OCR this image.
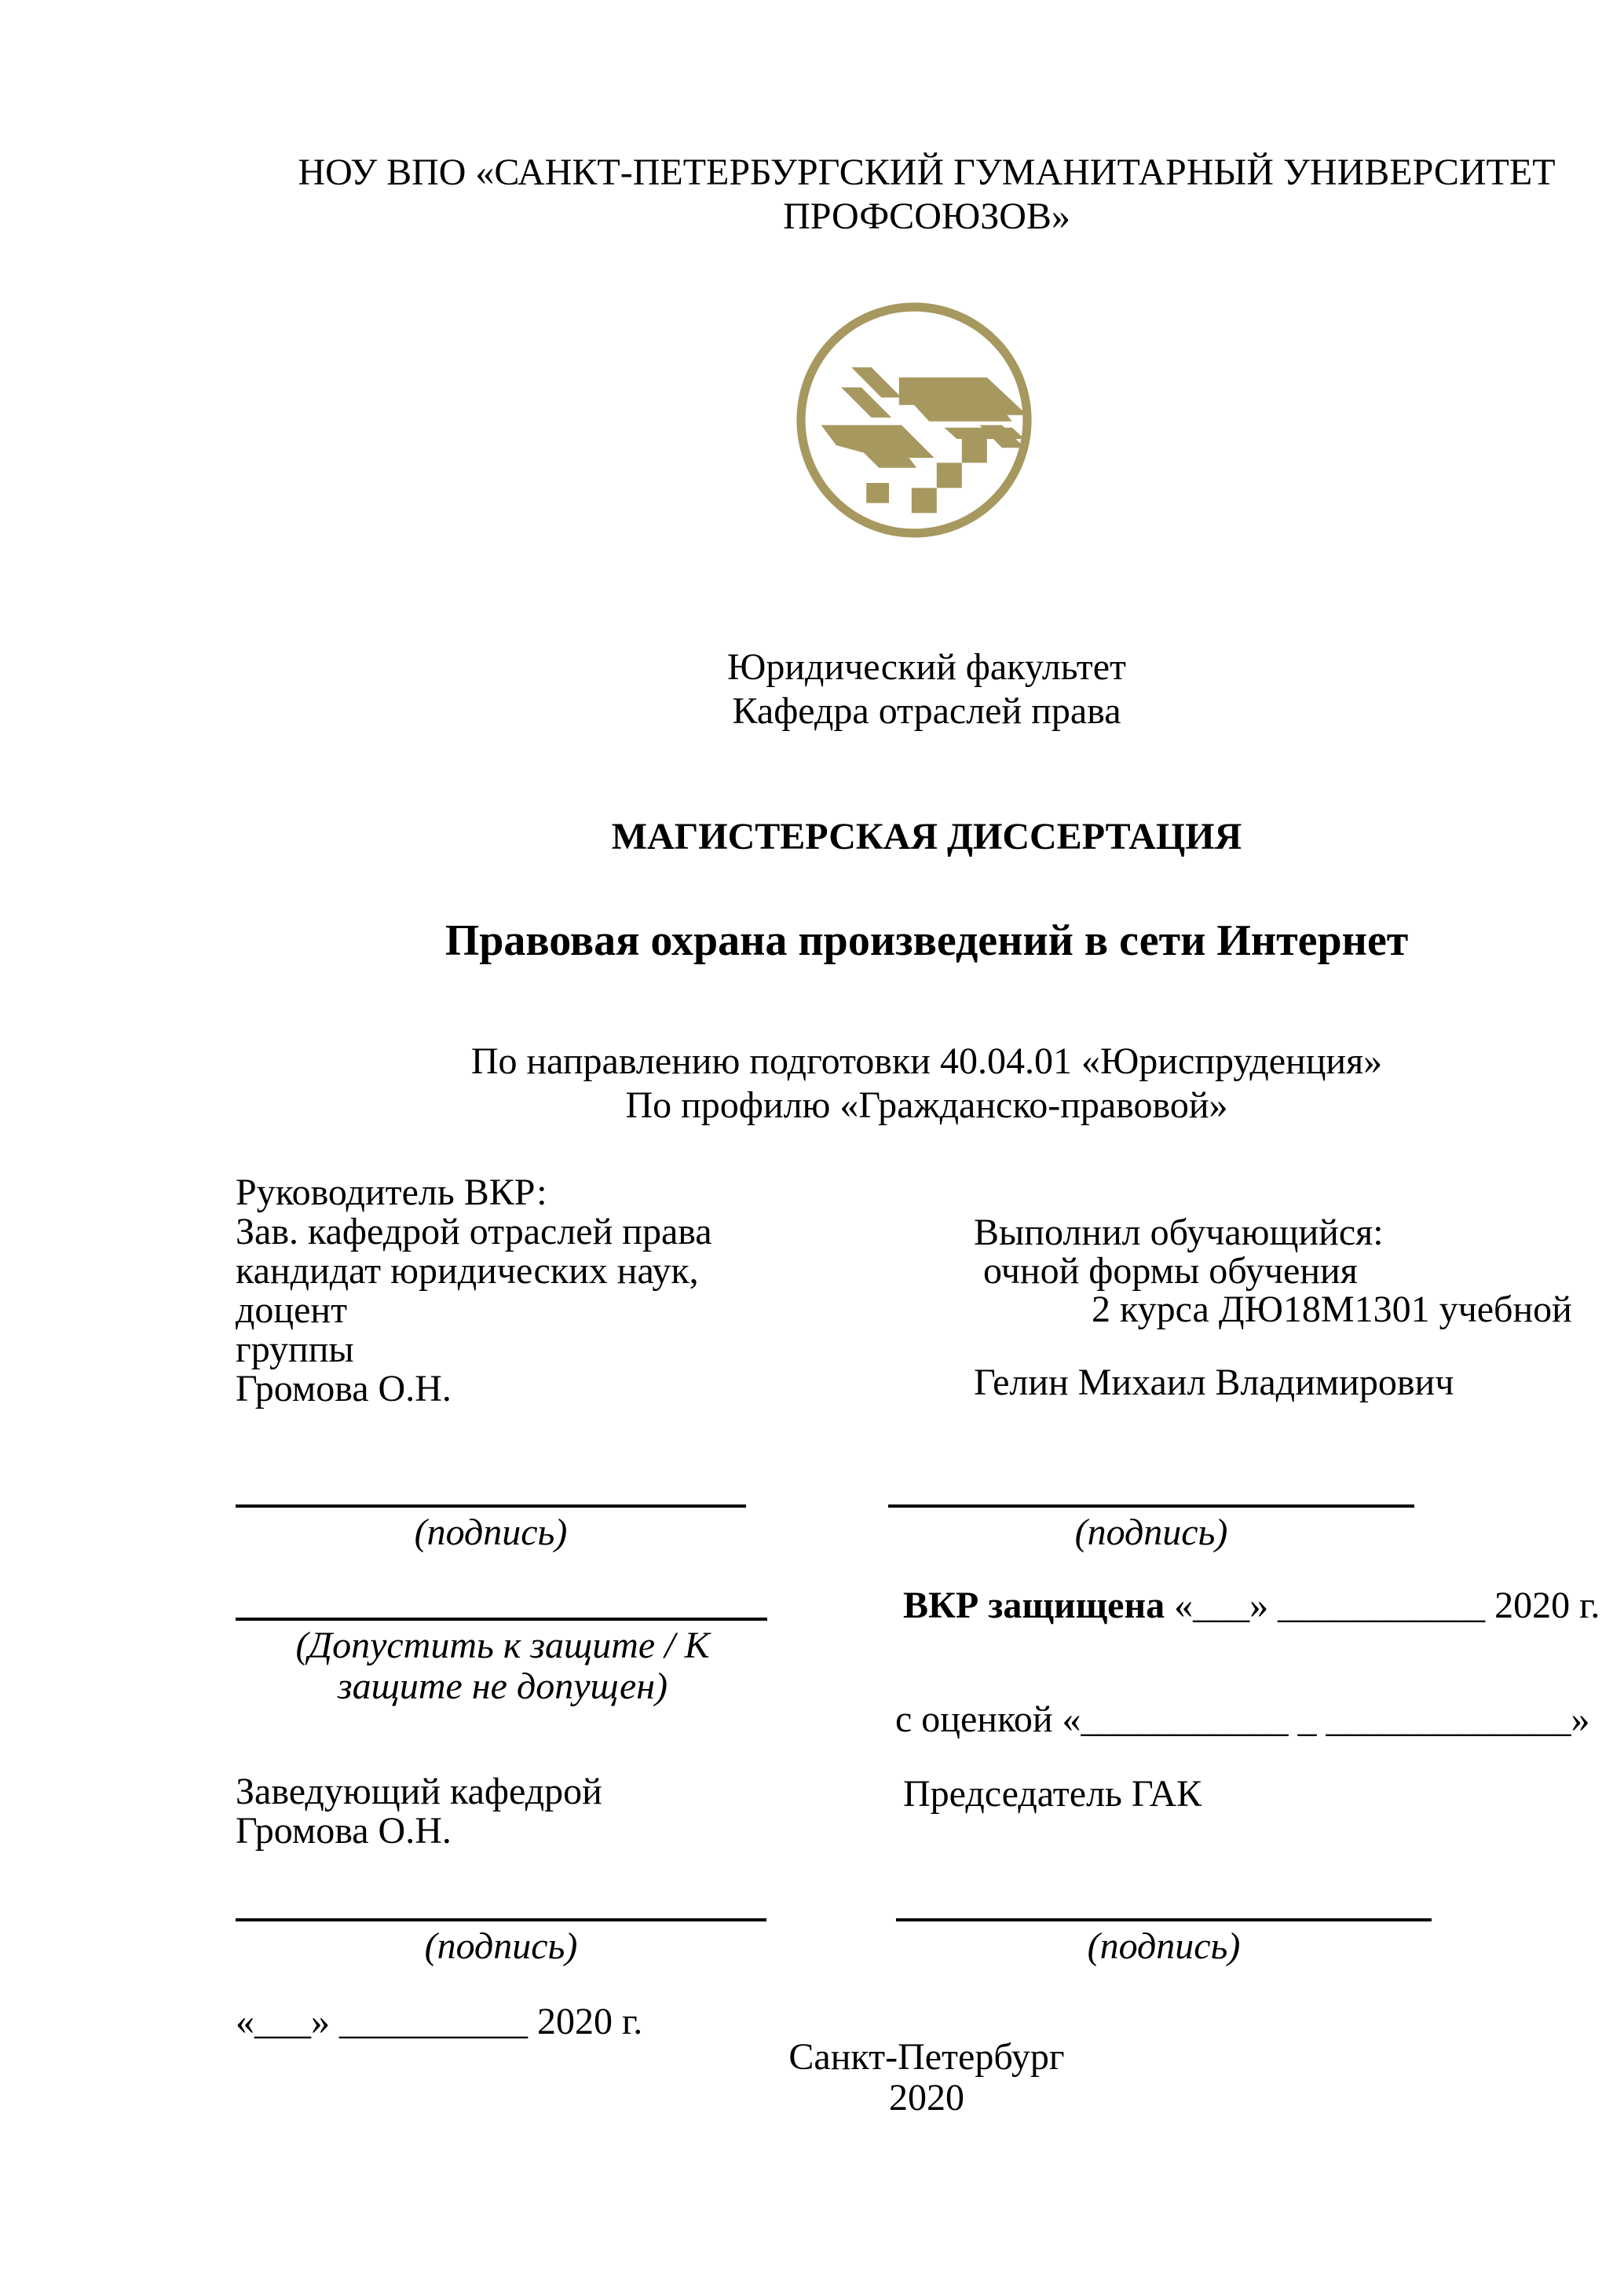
НОУ ВПО «САНКТ-ПЕТЕРБУРГСКИЙ ГУМАНИТАРНЫЙ УНИВЕРСИТЕТ ПРОФСОЮЗОВ»
Юридический факультет
Кафедра отраслей права
МАГИСТЕРСКАЯ ДИССЕРТАЦИЯ
Правовая охрана произведений в сети Интернет
По направлению подготовки 40.04.01 «Юриспруденция»
По профилю «Гражданско-правовой»
Руководитель ВКР:
Зав. кафедрой отраслей права
кандидат юридических наук,
доцент
группы
Громова О.Н.
Выполнил обучающийся:
очной формы обучения
2 курса ДЮ18М1301 учебной
Гелин Михаил Владимирович
(подпись)	(подпись)
ВКР защищена «___» ___________ 2020 г.
(Допустить к защите / К защите не допущен)
с оценкой «___________ _ _____________»
Заведующий кафедрой
Громова О.Н.
Председатель ГАК
(подпись)	(подпись)
«___» __________ 2020 г.
Санкт-Петербург
2020
